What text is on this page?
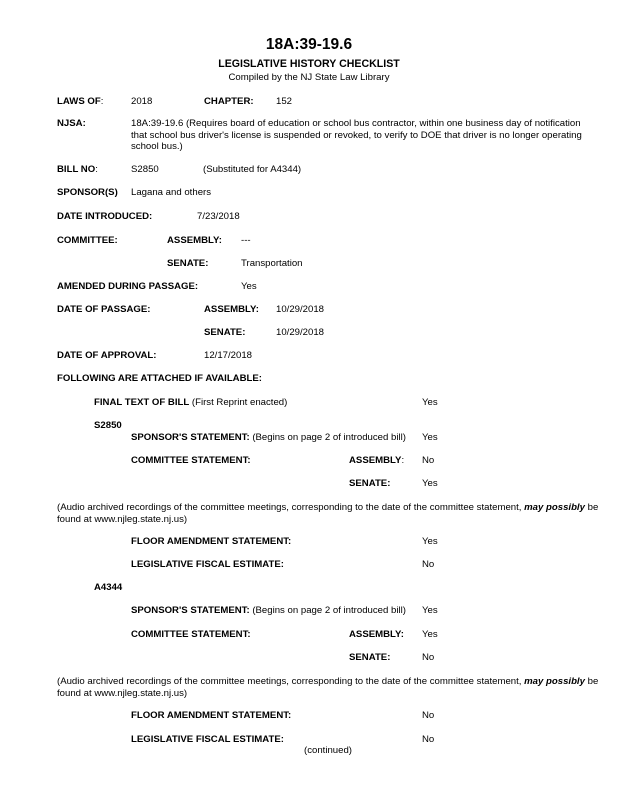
18A:39-19.6
LEGISLATIVE HISTORY CHECKLIST
Compiled by the NJ State Law Library
LAWS OF:	2018	CHAPTER: 152
NJSA:	18A:39-19.6 (Requires board of education or school bus contractor, within one business day of notification that school bus driver's license is suspended or revoked, to verify to DOE that driver is no longer operating school bus.)
BILL NO:	S2850	(Substituted for A4344)
SPONSOR(S) Lagana and others
DATE INTRODUCED:	7/23/2018
COMMITTEE:	ASSEMBLY: ---
SENATE:	Transportation
AMENDED DURING PASSAGE:	Yes
DATE OF PASSAGE:	ASSEMBLY: 10/29/2018
SENATE:	10/29/2018
DATE OF APPROVAL:	12/17/2018
FOLLOWING ARE ATTACHED IF AVAILABLE:
FINAL TEXT OF BILL (First Reprint enacted)	Yes
S2850
SPONSOR'S STATEMENT: (Begins on page 2 of introduced bill) Yes
COMMITTEE STATEMENT:	ASSEMBLY: No
SENATE:	Yes
(Audio archived recordings of the committee meetings, corresponding to the date of the committee statement, may possibly be found at www.njleg.state.nj.us)
FLOOR AMENDMENT STATEMENT:	Yes
LEGISLATIVE FISCAL ESTIMATE:	No
A4344
SPONSOR'S STATEMENT: (Begins on page 2 of introduced bill) Yes
COMMITTEE STATEMENT:	ASSEMBLY: Yes
SENATE:	No
(Audio archived recordings of the committee meetings, corresponding to the date of the committee statement, may possibly be found at www.njleg.state.nj.us)
FLOOR AMENDMENT STATEMENT:	No
LEGISLATIVE FISCAL ESTIMATE:	No
(continued)
